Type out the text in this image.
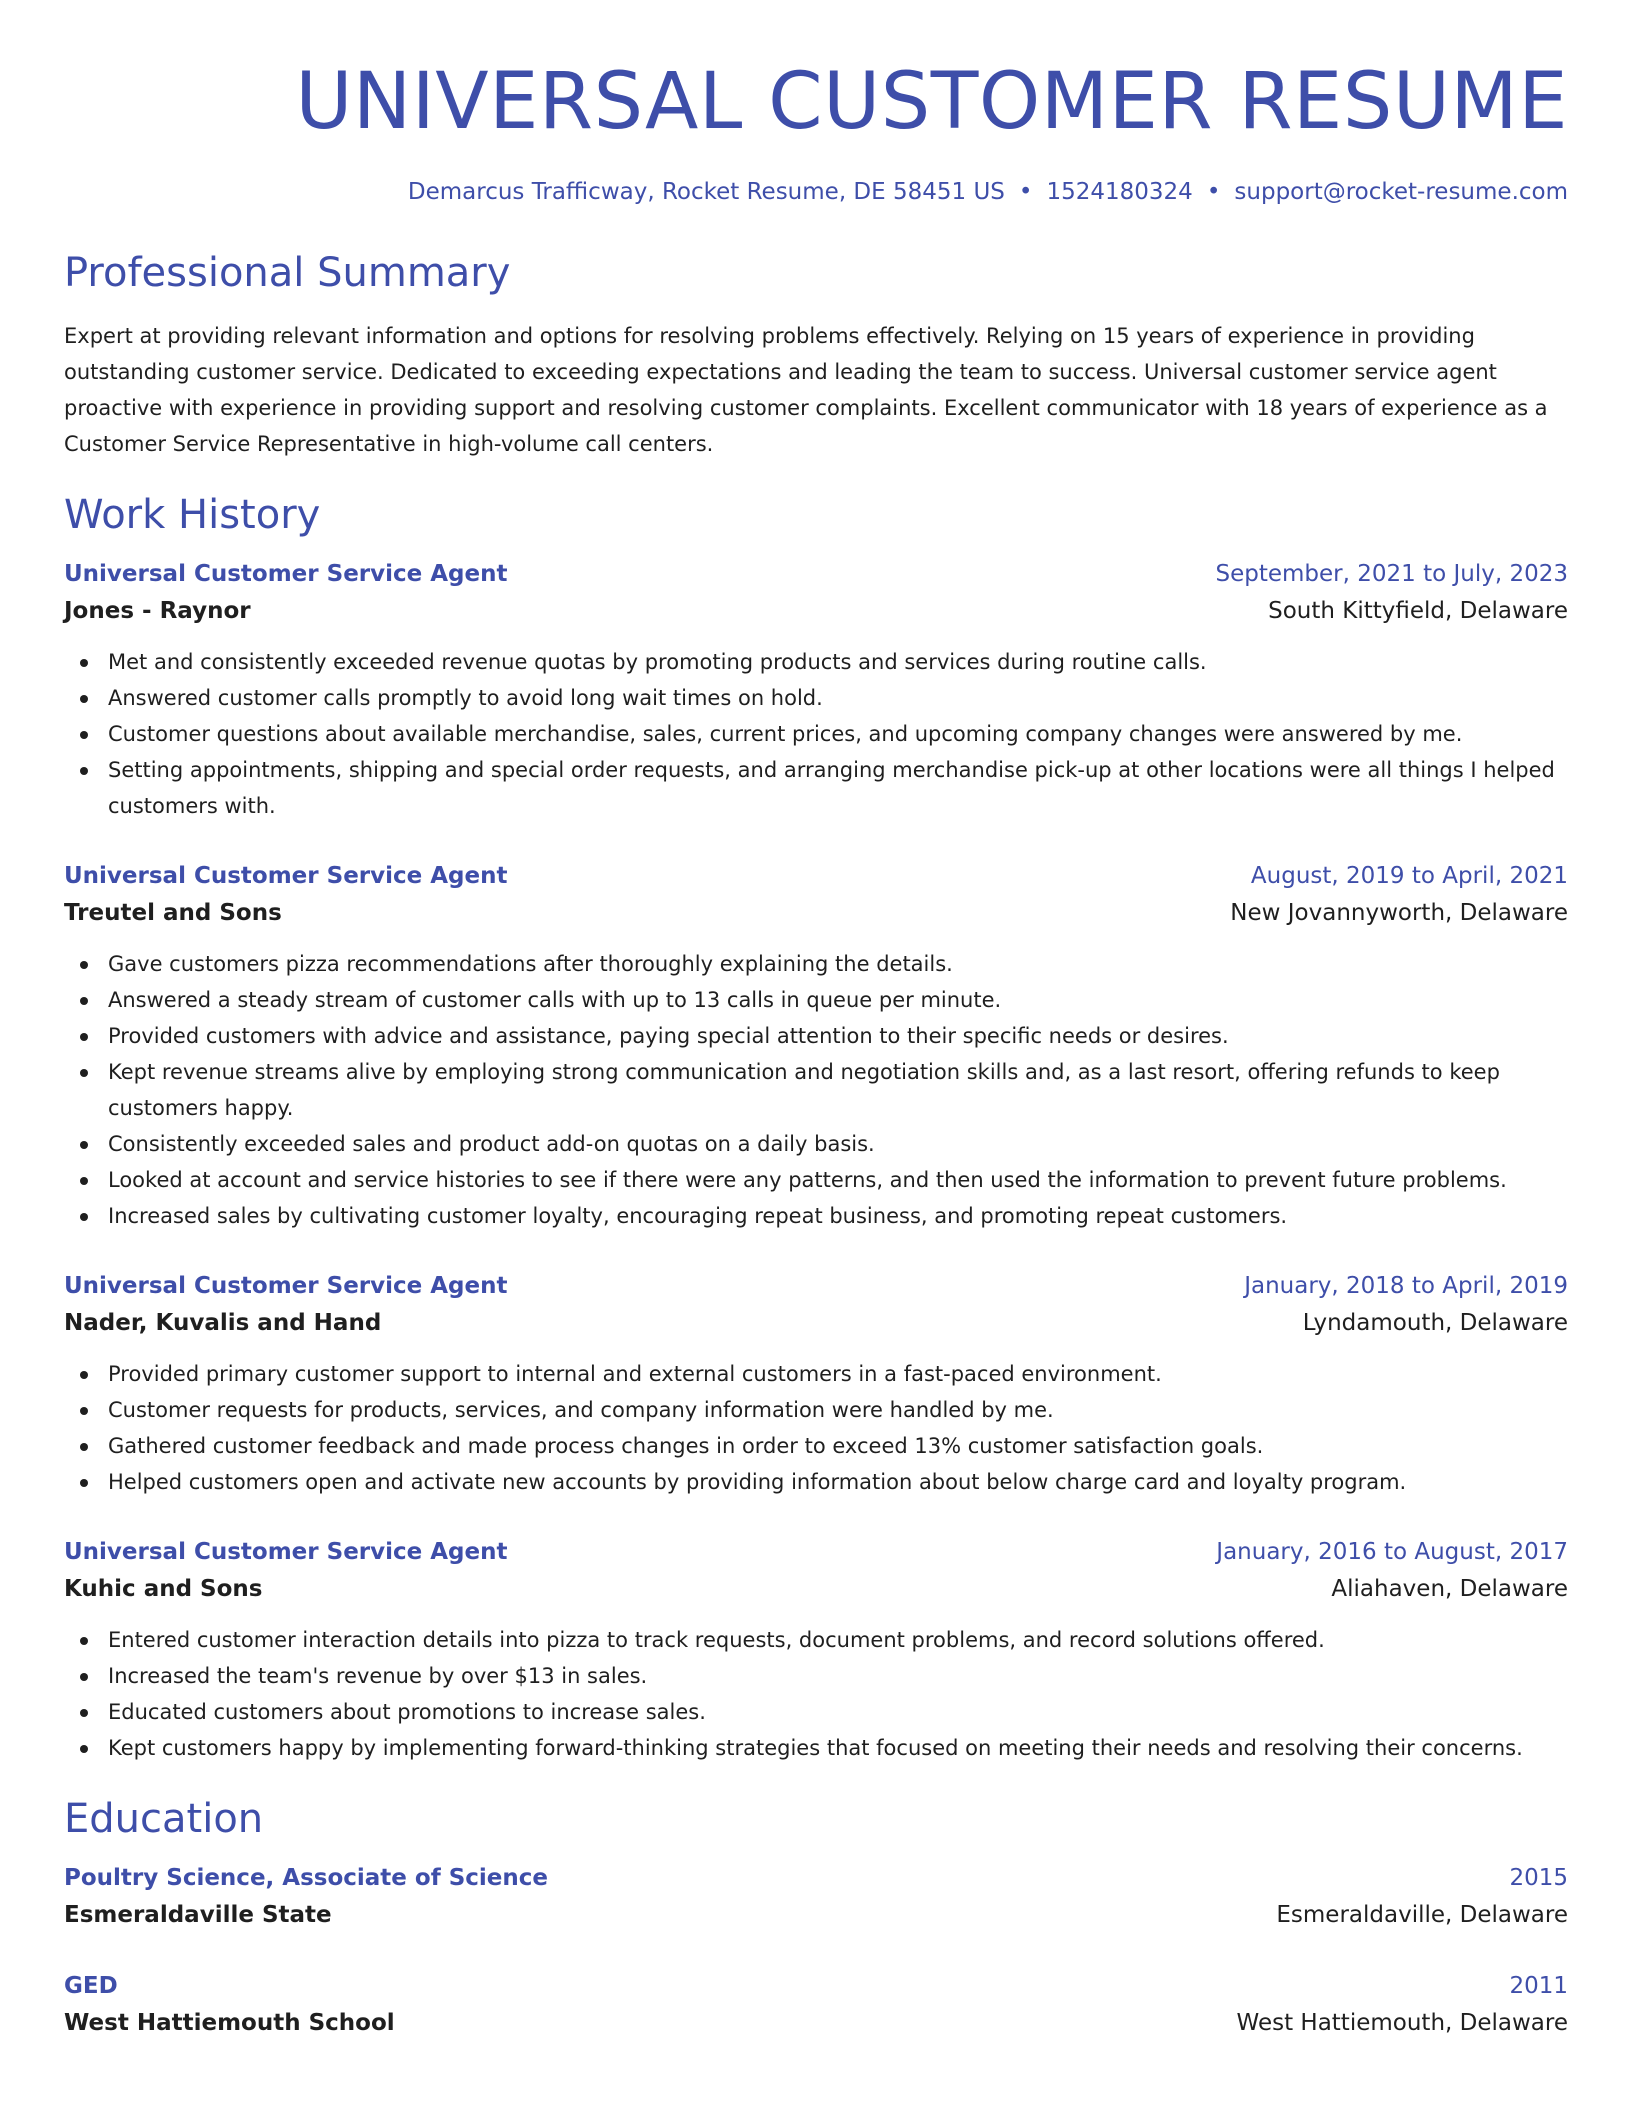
UNIVERSAL CUSTOMER RESUME
Demarcus Trafficway, Rocket Resume, DE 58451 US • 1524180324 • support@rocket-resume.com
Professional Summary

Expert at providing relevant information and options for resolving problems effectively. Relying on 15 years of experience in providing outstanding customer service. Dedicated to exceeding expectations and leading the team to success. Universal customer service agent proactive with experience in providing support and resolving customer complaints. Excellent communicator with 18 years of experience as a Customer Service Representative in high-volume call centers.

Work History
Universal Customer Service Agent	September, 2021 to July, 2023
Jones - Raynor	South Kittyfield, Delaware
Met and consistently exceeded revenue quotas by promoting products and services during routine calls.
Answered customer calls promptly to avoid long wait times on hold.
Customer questions about available merchandise, sales, current prices, and upcoming company changes were answered by me.
Setting appointments, shipping and special order requests, and arranging merchandise pick-up at other locations were all things I helped customers with.
Universal Customer Service Agent	August, 2019 to April, 2021
Treutel and Sons	New Jovannyworth, Delaware
Gave customers pizza recommendations after thoroughly explaining the details.
Answered a steady stream of customer calls with up to 13 calls in queue per minute.
Provided customers with advice and assistance, paying special attention to their specific needs or desires.
Kept revenue streams alive by employing strong communication and negotiation skills and, as a last resort, offering refunds to keep customers happy.
Consistently exceeded sales and product add-on quotas on a daily basis.
Looked at account and service histories to see if there were any patterns, and then used the information to prevent future problems.
Increased sales by cultivating customer loyalty, encouraging repeat business, and promoting repeat customers.
Universal Customer Service Agent	January, 2018 to April, 2019
Nader, Kuvalis and Hand	Lyndamouth, Delaware
Provided primary customer support to internal and external customers in a fast-paced environment.
Customer requests for products, services, and company information were handled by me.
Gathered customer feedback and made process changes in order to exceed 13% customer satisfaction goals.
Helped customers open and activate new accounts by providing information about below charge card and loyalty program.
Universal Customer Service Agent	January, 2016 to August, 2017
Kuhic and Sons	Aliahaven, Delaware
Entered customer interaction details into pizza to track requests, document problems, and record solutions offered.
Increased the team's revenue by over $13 in sales.
Educated customers about promotions to increase sales.
Kept customers happy by implementing forward-thinking strategies that focused on meeting their needs and resolving their concerns.
Education
Poultry Science, Associate of Science	2015
Esmeraldaville State	Esmeraldaville, Delaware
GED	2011
West Hattiemouth School	West Hattiemouth, Delaware
